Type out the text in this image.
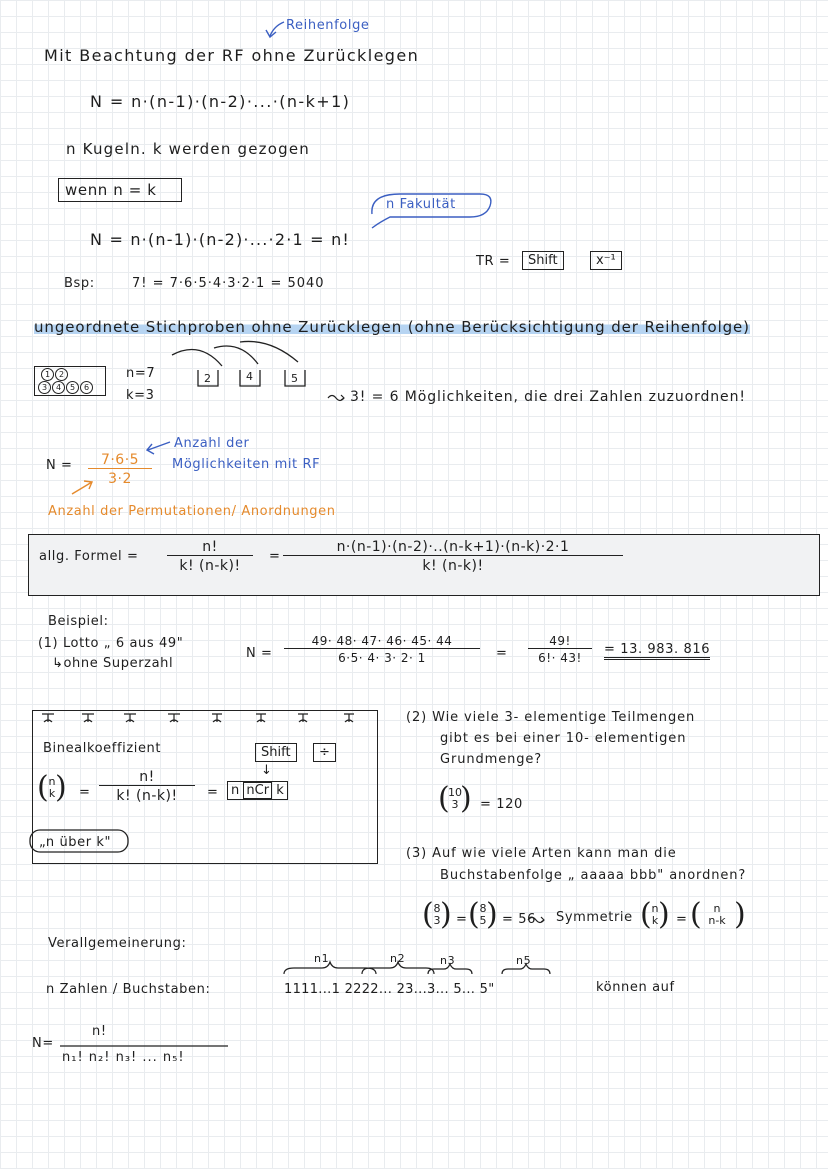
Reihenfolge
Mit Beachtung der RF ohne Zurücklegen
N = n·(n-1)·(n-2)·...·(n-k+1)
n Kugeln. k werden gezogen
wenn n = k
n Fakultät
N = n·(n-1)·(n-2)·...·2·1 = n!
TR =	Shift	x⁻¹
Bsp:	7! = 7·6·5·4·3·2·1 = 5040
ungeordnete Stichproben ohne Zurücklegen (ohne Berücksichtigung der Reihenfolge)
1 2
3 4 5 6
n=7
k=3
2	4	5
3! = 6 Möglichkeiten, die drei Zahlen zuzuordnen!
$N = \frac{7\cdot 6\cdot 5}{3\cdot 2}$
Anzahl der
Möglichkeiten mit RF
Anzahl der Permutationen/ Anordnungen
allg. Formel = $\frac{n!}{k! (n-k)!} = \frac{n\cdot(n-1)\cdot(n-2)\cdot..(n-k+1)\cdot(n-k)\cdot 2\cdot 1}{k! (n-k)!}$
Beispiel:
(1) Lotto „ 6 aus 49"
↳ohne Superzahl
$N = \frac{49\cdot 48\cdot 47\cdot 46\cdot 45\cdot 44}{6\cdot 5\cdot 4\cdot 3\cdot 2\cdot 1} = \frac{49!}{6!\cdot 43!} = 13$. 983. 816
Binealkoeffizient
( n
k ) = $\frac{n!}{k! (n-k)!}$ =
Shift	÷
↓
n nCr k
„n über k"
(2) Wie viele 3- elementige Teilmengen
gibt es bei einer 10- elementigen
Grundmenge?
(
10
3 ) = 120
(3) Auf wie viele Arten kann man die
Buchstabenfolge „ aaaaa bbb" anordnen?
( 8
3 ) = ( 8
5 ) = 56 Symmetrie ( n
k ) = (	n
n-k )
Verallgemeinerung:
n1	n2	n3	n5
n Zahlen / Buchstaben:	1111...1 2222... 23...3... 5... 5"	können auf
N=
n!
n₁! n₂! n₃! ... n₅!
